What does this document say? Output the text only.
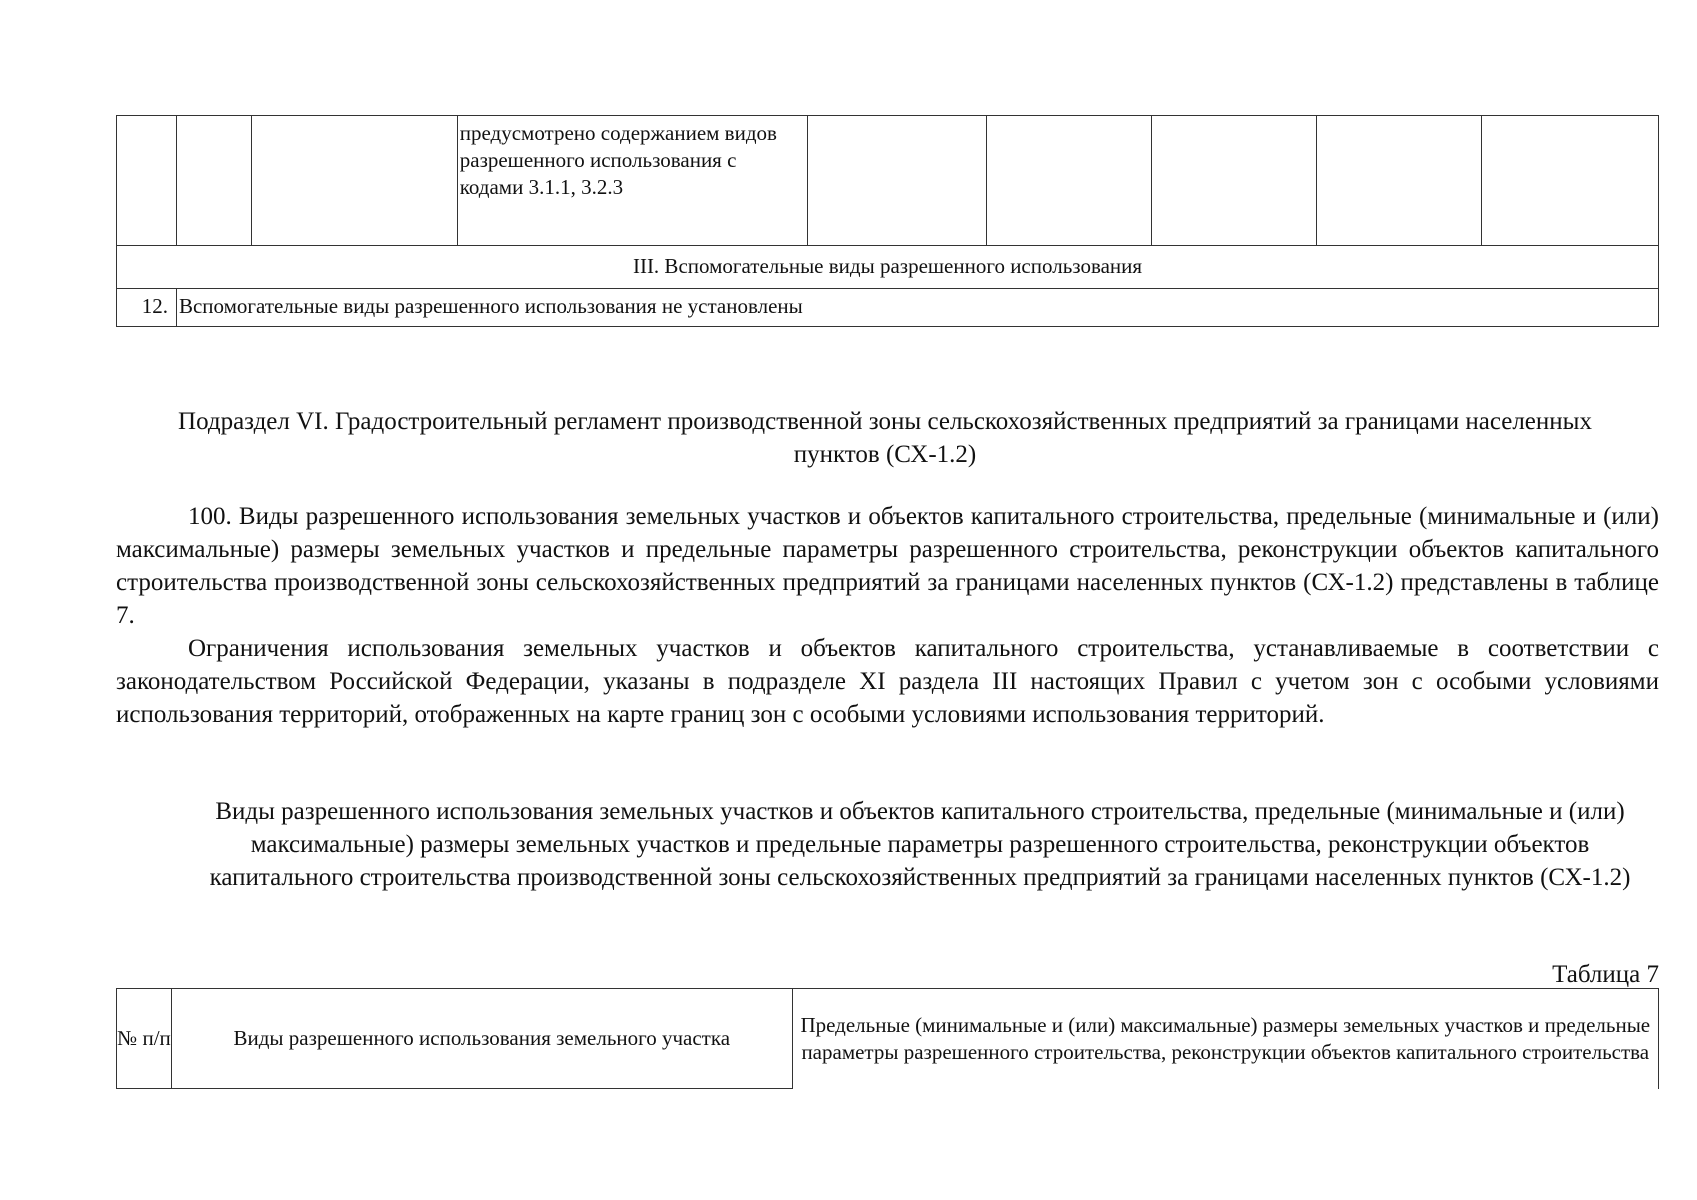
			предусмотрено содержанием видов разрешенного использования с кодами 3.1.1, 3.2.3					
III. Вспомогательные виды разрешенного использования								
12.	Вспомогательные виды разрешенного использования не установлены							
Подраздел VI. Градостроительный регламент производственной зоны сельскохозяйственных предприятий за границами населенных пунктов (СХ-1.2)

100. Виды разрешенного использования земельных участков и объектов капитального строительства, предельные (минимальные и (или) максимальные) размеры земельных участков и предельные параметры разрешенного строительства, реконструкции объектов капитального строительства производственной зоны сельскохозяйственных предприятий за границами населенных пунктов (СХ-1.2) представлены в таблице 7.

Ограничения использования земельных участков и объектов капитального строительства, устанавливаемые в соответствии с законодательством Российской Федерации, указаны в подразделе XI раздела III настоящих Правил с учетом зон с особыми условиями использования территорий, отображенных на карте границ зон с особыми условиями использования территорий.

Виды разрешенного использования земельных участков и объектов капитального строительства, предельные (минимальные и (или) максимальные) размеры земельных участков и предельные параметры разрешенного строительства, реконструкции объектов капитального строительства производственной зоны сельскохозяйственных предприятий за границами населенных пунктов (СХ-1.2)
Таблица 7
№ п/п	Виды разрешенного использования земельного участка	Предельные (минимальные и (или) максимальные) размеры земельных участков и предельные параметры разрешенного строительства, реконструкции объектов капитального строительства
